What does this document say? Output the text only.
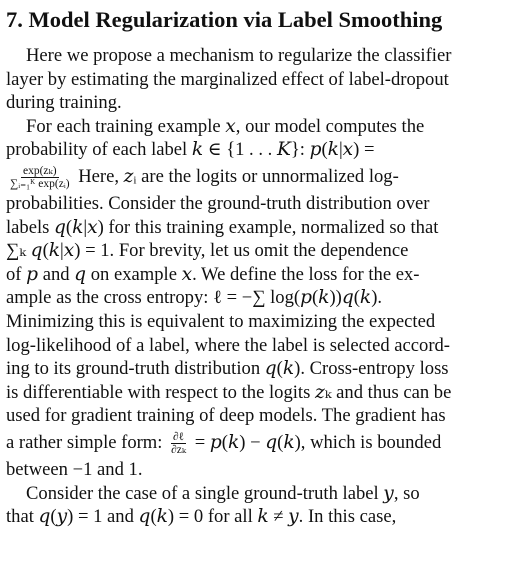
7. Model Regularization via Label Smoothing
Here we propose a mechanism to regularize the classifier
layer by estimating the marginalized effect of label-dropout
during training.
For each training example 𝑥, our model computes the
probability of each label 𝑘 ∈ {1 . . . 𝐾}: 𝑝(𝑘|𝑥) =
$\frac{\text{exp(zₖ)}}{\text{∑ᵢ₌₁ᴷ exp(zᵢ)}}$ Here, 𝑧ᵢ are the logits or unnormalized log-
probabilities. Consider the ground-truth distribution over
labels 𝑞(𝑘|𝑥) for this training example, normalized so that
∑ₖ 𝑞(𝑘|𝑥) = 1. For brevity, let us omit the dependence
of 𝑝 and 𝑞 on example 𝑥. We define the loss for the ex-
ample as the cross entropy: ℓ = −∑ log(𝑝(𝑘))𝑞(𝑘).
Minimizing this is equivalent to maximizing the expected
log-likelihood of a label, where the label is selected accord-
ing to its ground-truth distribution 𝑞(𝑘). Cross-entropy loss
is differentiable with respect to the logits 𝑧ₖ and thus can be
used for gradient training of deep models. The gradient has
a rather simple form: $\frac{\text{∂ℓ}}{\text{∂zₖ}}$ = 𝑝(𝑘) − 𝑞(𝑘), which is bounded
between −1 and 1.
Consider the case of a single ground-truth label 𝑦, so
that 𝑞(𝑦) = 1 and 𝑞(𝑘) = 0 for all 𝑘 ≠ 𝑦. In this case,
